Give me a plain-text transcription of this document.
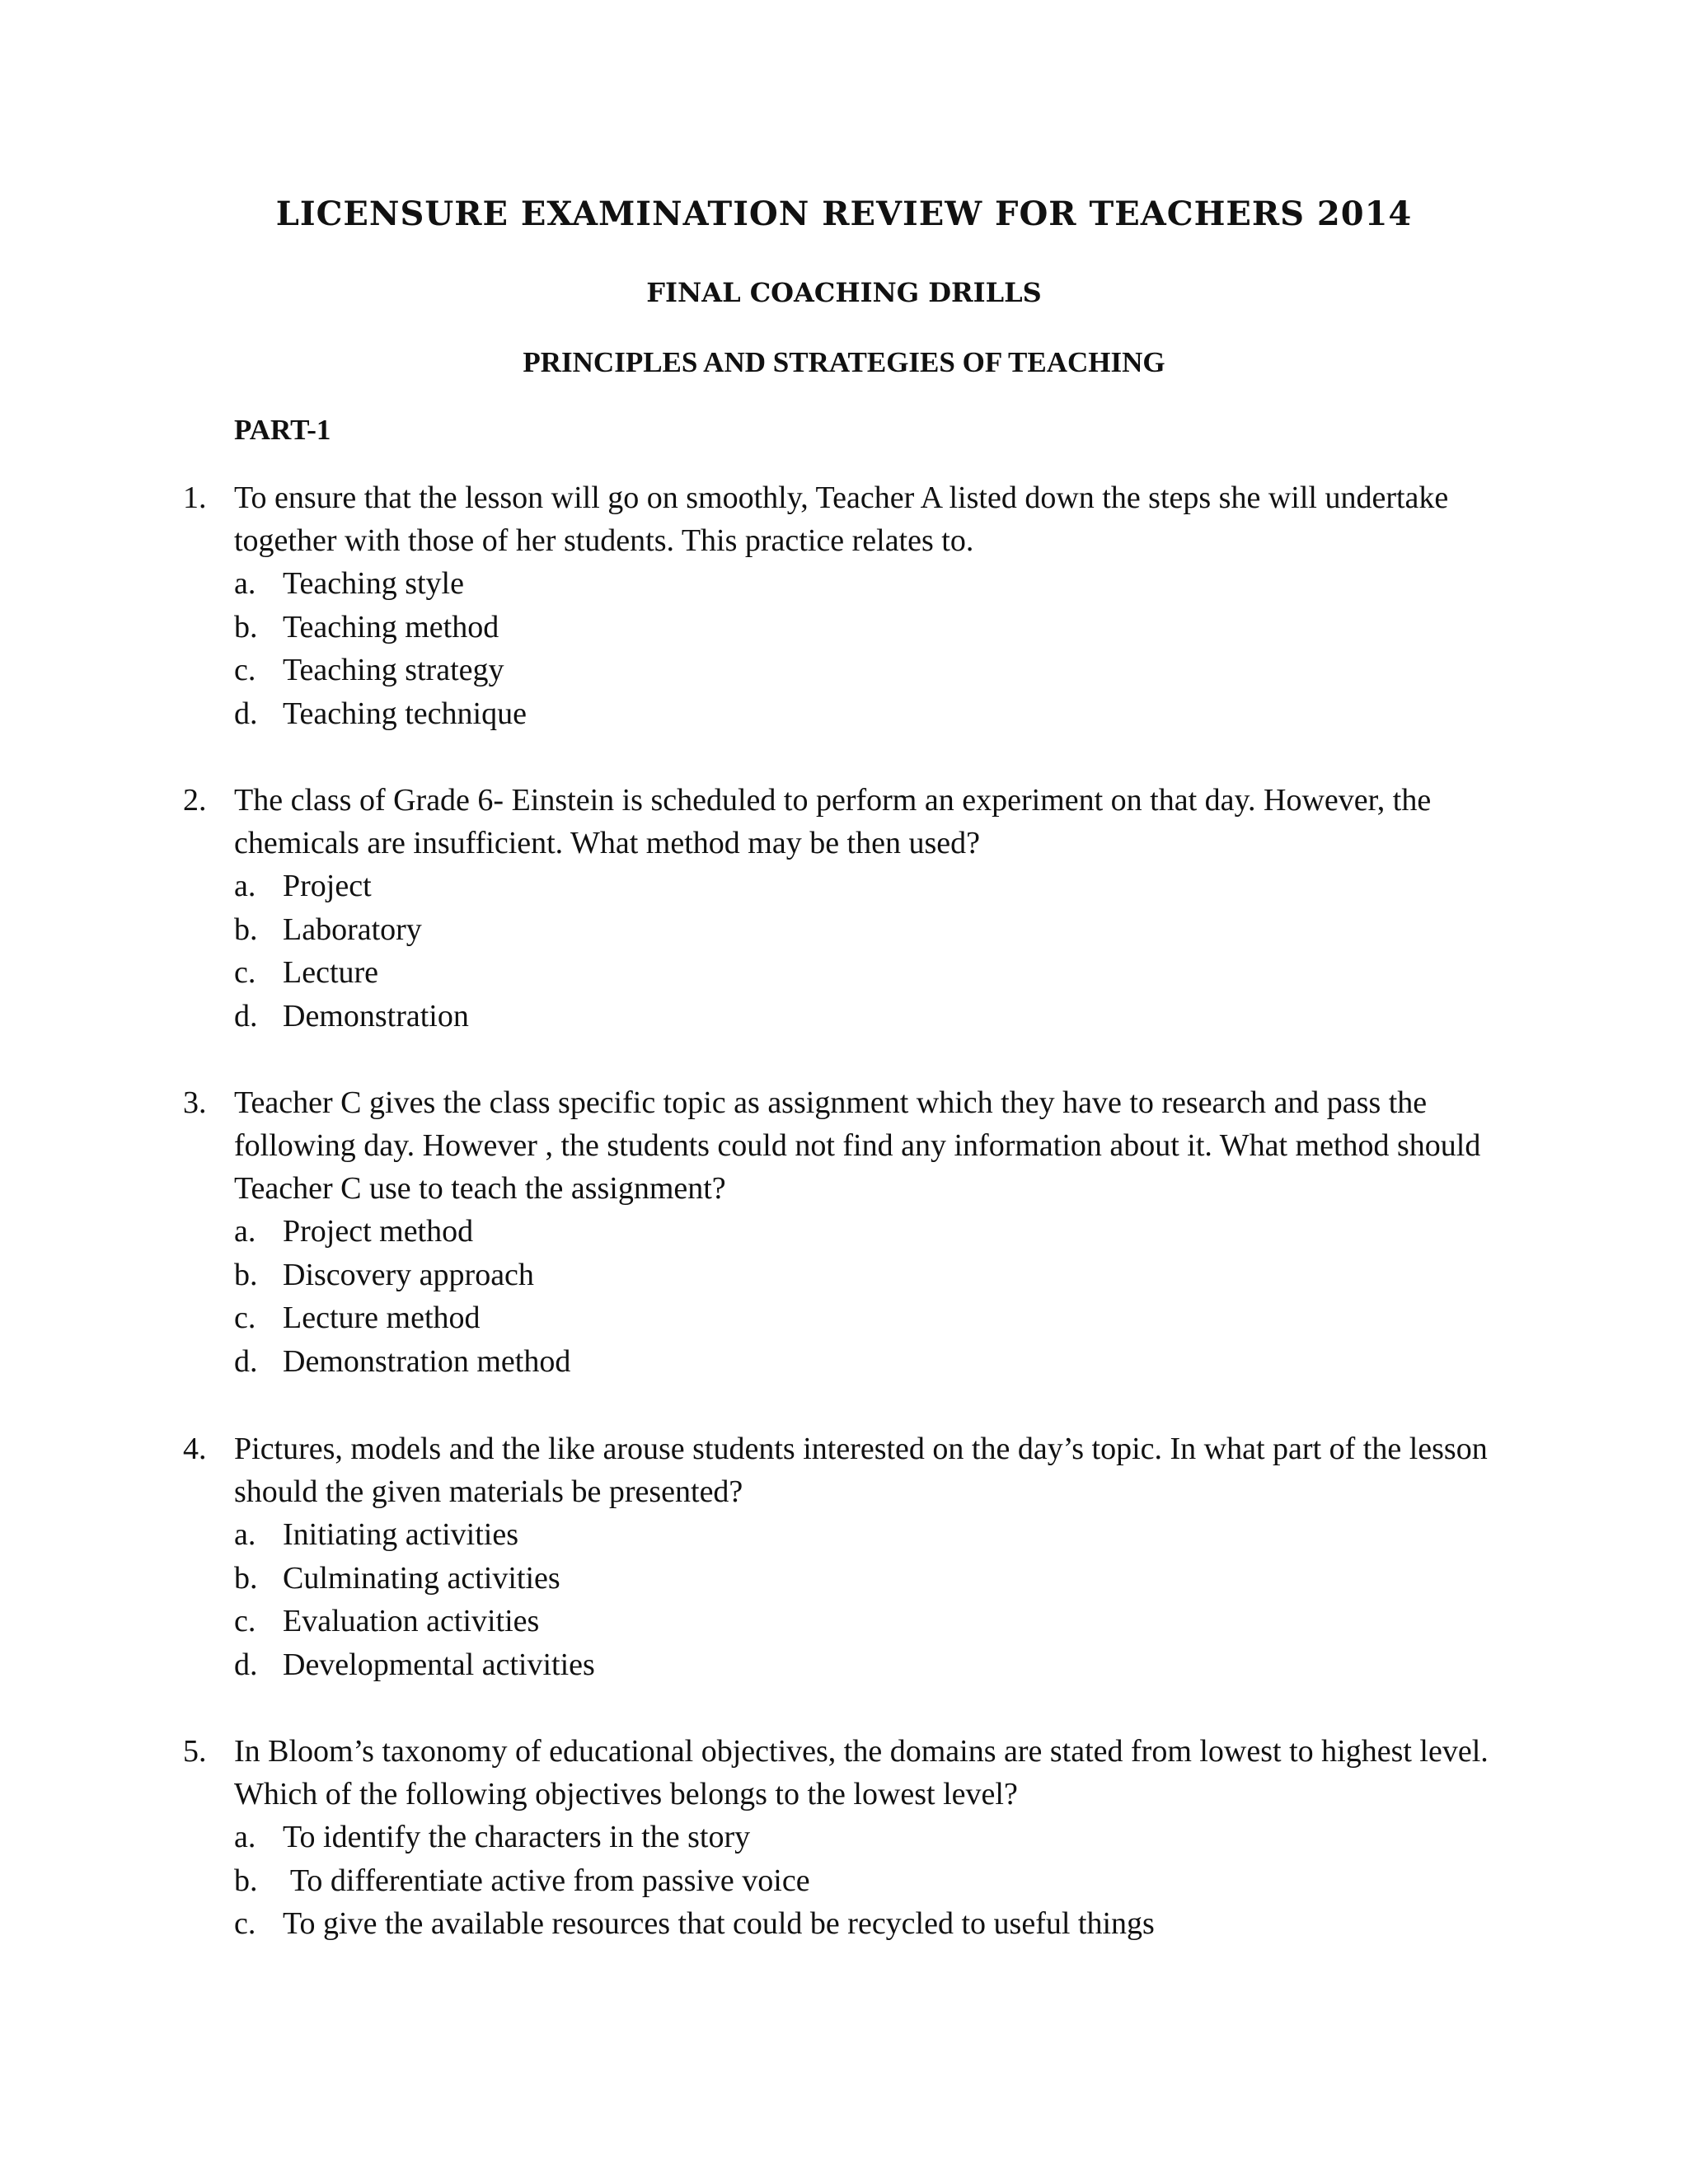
LICENSURE EXAMINATION REVIEW FOR TEACHERS 2014
FINAL COACHING DRILLS
PRINCIPLES AND STRATEGIES OF TEACHING
PART-1
1. To ensure that the lesson will go on smoothly, Teacher A listed down the steps she will undertake together with those of her students. This practice relates to.
a. Teaching style
b. Teaching method
c. Teaching strategy
d. Teaching technique
2. The class of Grade 6- Einstein is scheduled to perform an experiment on that day. However, the chemicals are insufficient. What method may be then used?
a. Project
b. Laboratory
c. Lecture
d. Demonstration
3. Teacher C gives the class specific topic as assignment which they have to research and pass the following day. However , the students could not find any information about it. What method should Teacher C use to teach the assignment?
a. Project method
b. Discovery approach
c. Lecture method
d. Demonstration method
4. Pictures, models and the like arouse students interested on the day’s topic. In what part of the lesson should the given materials be presented?
a. Initiating activities
b. Culminating activities
c. Evaluation activities
d. Developmental activities
5. In Bloom’s taxonomy of educational objectives, the domains are stated from lowest to highest level. Which of the following objectives belongs to the lowest level?
a. To identify the characters in the story
b. To differentiate active from passive voice
c. To give the available resources that could be recycled to useful things
